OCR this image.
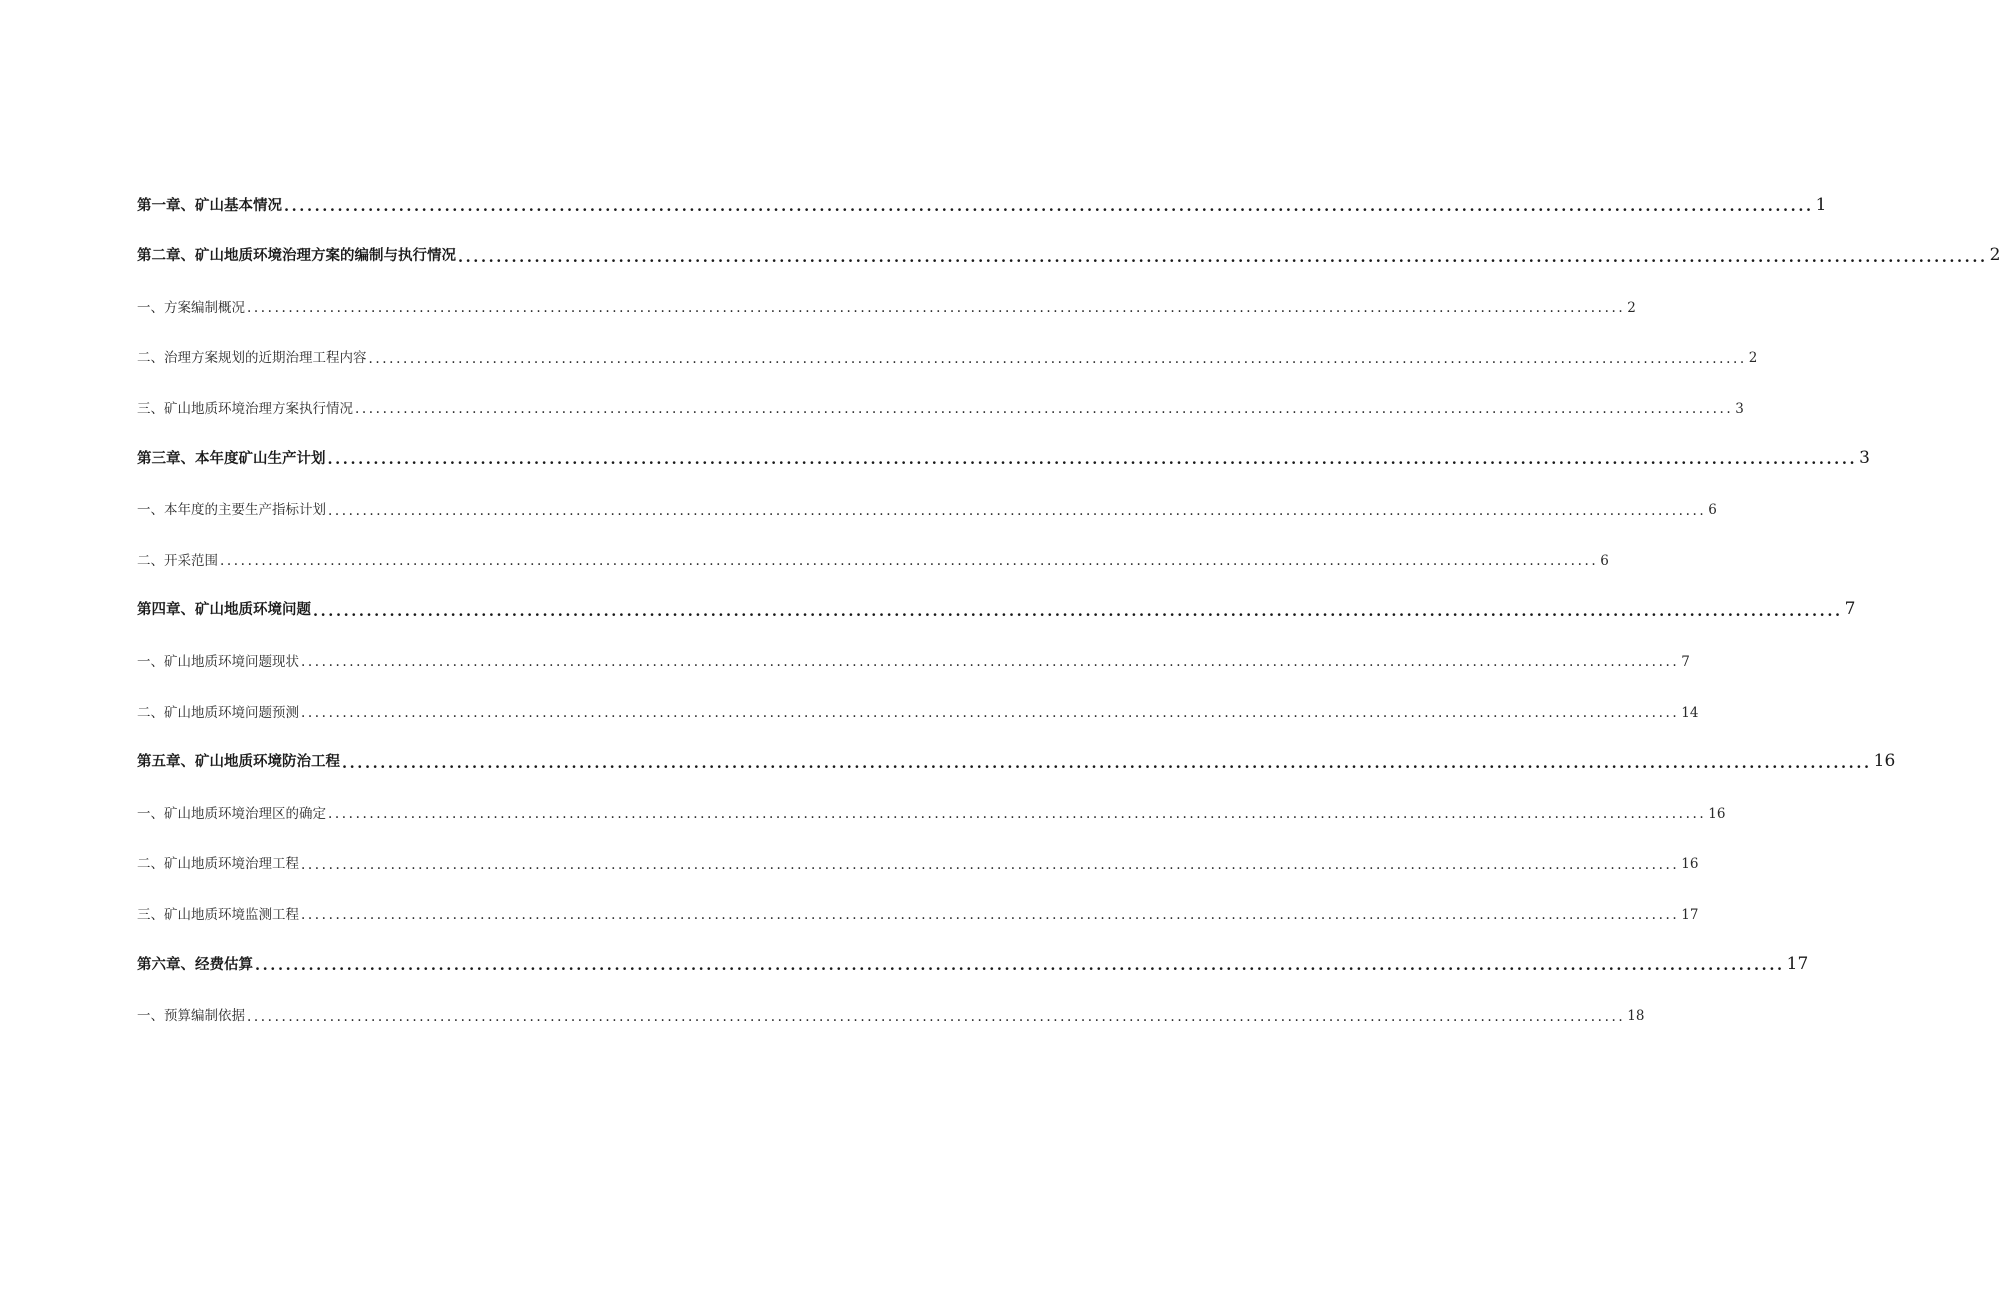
第一章、矿山基本情况 ........................................................................................................................................................................................................ 1
第二章、矿山地质环境治理方案的编制与执行情况 ........................................................................................................................................................................................................ 2
一、方案编制概况 ........................................................................................................................................................................................................ 2
二、治理方案规划的近期治理工程内容 ........................................................................................................................................................................................................ 2
三、矿山地质环境治理方案执行情况 ........................................................................................................................................................................................................ 3
第三章、本年度矿山生产计划 ........................................................................................................................................................................................................ 3
一、本年度的主要生产指标计划 ........................................................................................................................................................................................................ 6
二、开采范围 ........................................................................................................................................................................................................ 6
第四章、矿山地质环境问题 ........................................................................................................................................................................................................ 7
一、矿山地质环境问题现状 ........................................................................................................................................................................................................ 7
二、矿山地质环境问题预测 ........................................................................................................................................................................................................ 14
第五章、矿山地质环境防治工程 ........................................................................................................................................................................................................ 16
一、矿山地质环境治理区的确定 ........................................................................................................................................................................................................ 16
二、矿山地质环境治理工程 ........................................................................................................................................................................................................ 16
三、矿山地质环境监测工程 ........................................................................................................................................................................................................ 17
第六章、经费估算 ........................................................................................................................................................................................................ 17
一、预算编制依据 ........................................................................................................................................................................................................ 18
